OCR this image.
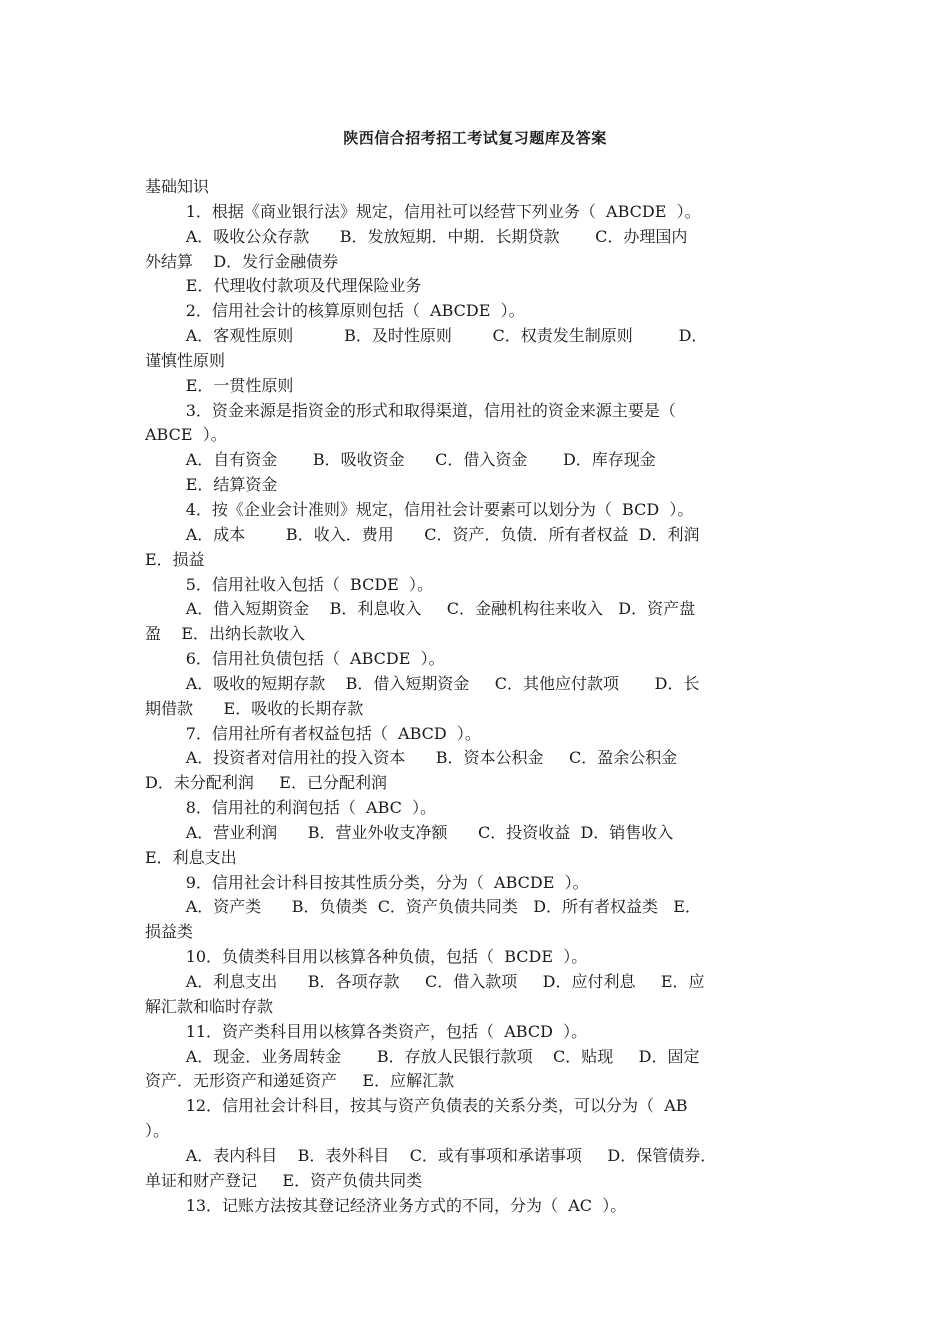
陕西信合招考招工考试复习题库及答案
基础知识
1．根据《商业银行法》规定，信用社可以经营下列业务（  ABCDE  ）。
A．吸收公众存款      B．发放短期．中期．长期贷款       C．办理国内
外结算    D．发行金融债券
E．代理收付款项及代理保险业务
2．信用社会计的核算原则包括（  ABCDE  ）。
A．客观性原则          B．及时性原则        C．权责发生制原则         D．
谨慎性原则
E．一贯性原则
3．资金来源是指资金的形式和取得渠道，信用社的资金来源主要是（
ABCE  ）。
A．自有资金       B．吸收资金      C．借入资金       D．库存现金
E．结算资金
4．按《企业会计准则》规定，信用社会计要素可以划分为（  BCD  ）。
A．成本        B．收入．费用      C．资产．负债．所有者权益  D．利润
E．损益
5．信用社收入包括（  BCDE  ）。
A．借入短期资金    B．利息收入     C．金融机构往来收入   D．资产盘
盈    E．出纳长款收入
6．信用社负债包括（  ABCDE  ）。
A．吸收的短期存款    B．借入短期资金     C．其他应付款项       D．长
期借款      E．吸收的长期存款
7．信用社所有者权益包括（  ABCD  ）。
A．投资者对信用社的投入资本      B．资本公积金     C．盈余公积金
D．未分配利润     E．已分配利润
8．信用社的利润包括（  ABC  ）。
A．营业利润      B．营业外收支净额      C．投资收益  D．销售收入
E．利息支出
9．信用社会计科目按其性质分类，分为（  ABCDE  ）。
A．资产类      B．负债类  C．资产负债共同类   D．所有者权益类   E．
损益类
10．负债类科目用以核算各种负债，包括（  BCDE  ）。
A．利息支出      B．各项存款     C．借入款项     D．应付利息     E．应
解汇款和临时存款
11．资产类科目用以核算各类资产，包括（  ABCD  ）。
A．现金．业务周转金       B．存放人民银行款项    C．贴现     D．固定
资产．无形资产和递延资产     E．应解汇款
12．信用社会计科目，按其与资产负债表的关系分类，可以分为（  AB
）。
A．表内科目    B．表外科目    C．或有事项和承诺事项     D．保管债券．
单证和财产登记     E．资产负债共同类
13．记账方法按其登记经济业务方式的不同，分为（  AC  ）。
